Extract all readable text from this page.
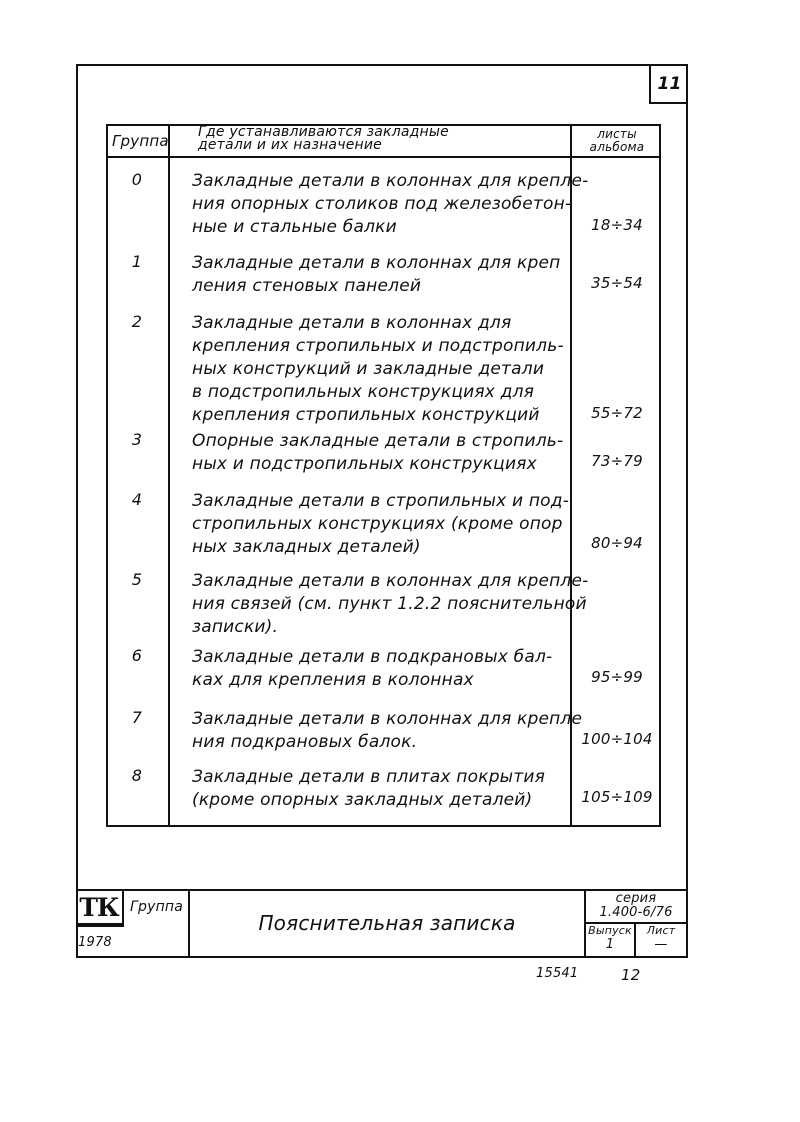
11
Группа Где устанавливаются закладные
детали и их назначение
листы
альбома
0	Закладные детали в колоннах для крепле-
ния опорных столиков под железобетон-
ные и стальные балки	18÷34
1	Закладные детали в колоннах для креп
ления стеновых панелей	35÷54
2	Закладные детали в колоннах для
крепления стропильных и подстропиль-
ных конструкций и закладные детали
в подстропильных конструкциях для
крепления стропильных конструкций	55÷72
3	Опорные закладные детали в стропиль-
ных и подстропильных конструкциях	73÷79
4	Закладные детали в стропильных и под-
стропильных конструкциях (кроме опор
ных закладных деталей)	80÷94
5	Закладные детали в колоннах для крепле-
ния связей (см. пункт 1.2.2 пояснительной
записки).
6	Закладные детали в подкрановых бал-
ках для крепления в колоннах	95÷99
7	Закладные детали в колоннах для крепле
ния подкрановых балок.	100÷104
8	Закладные детали в плитах покрытия
(кроме опорных закладных деталей)	105÷109
ТК Группа
1978
Пояснительная записка
серия
1.400-6/76
Выпуск
1
Лист
—
15541	12
